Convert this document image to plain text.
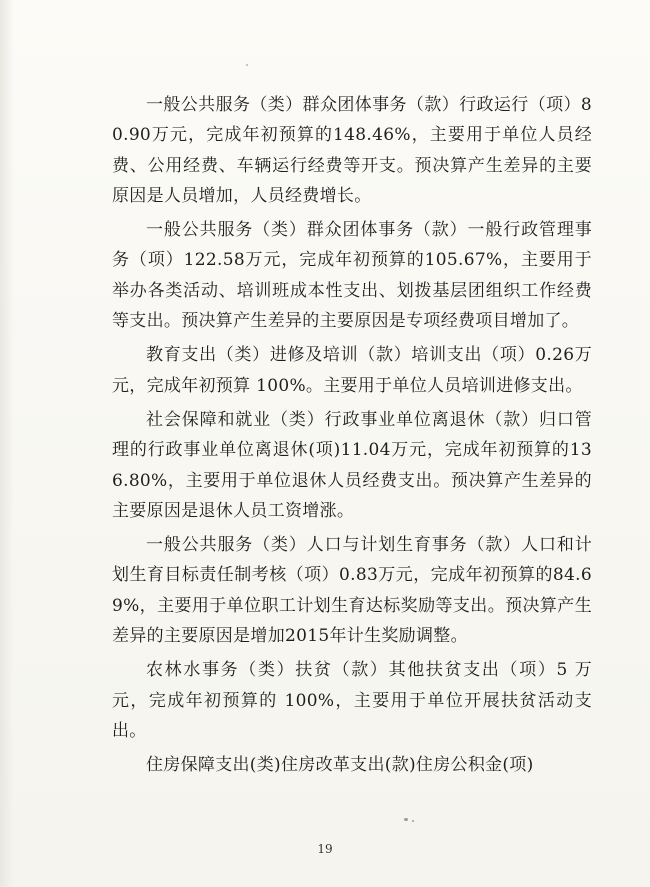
一般公共服务（类）群众团体事务（款）行政运行（项）80.90万元，完成年初预算的148.46%，主要用于单位人员经费、公用经费、车辆运行经费等开支。预决算产生差异的主要原因是人员增加，人员经费增长。

一般公共服务（类）群众团体事务（款）一般行政管理事务（项）122.58万元，完成年初预算的105.67%，主要用于举办各类活动、培训班成本性支出、划拨基层团组织工作经费等支出。预决算产生差异的主要原因是专项经费项目增加了。

教育支出（类）进修及培训（款）培训支出（项）0.26万元，完成年初预算 100%。主要用于单位人员培训进修支出。

社会保障和就业（类）行政事业单位离退休（款）归口管理的行政事业单位离退休(项)11.04万元，完成年初预算的136.80%，主要用于单位退休人员经费支出。预决算产生差异的主要原因是退休人员工资增涨。

一般公共服务（类）人口与计划生育事务（款）人口和计划生育目标责任制考核（项）0.83万元，完成年初预算的84.69%，主要用于单位职工计划生育达标奖励等支出。预决算产生差异的主要原因是增加2015年计生奖励调整。

农林水事务（类）扶贫（款）其他扶贫支出（项）5 万元，完成年初预算的 100%，主要用于单位开展扶贫活动支出。

住房保障支出(类)住房改革支出(款)住房公积金(项)

19
